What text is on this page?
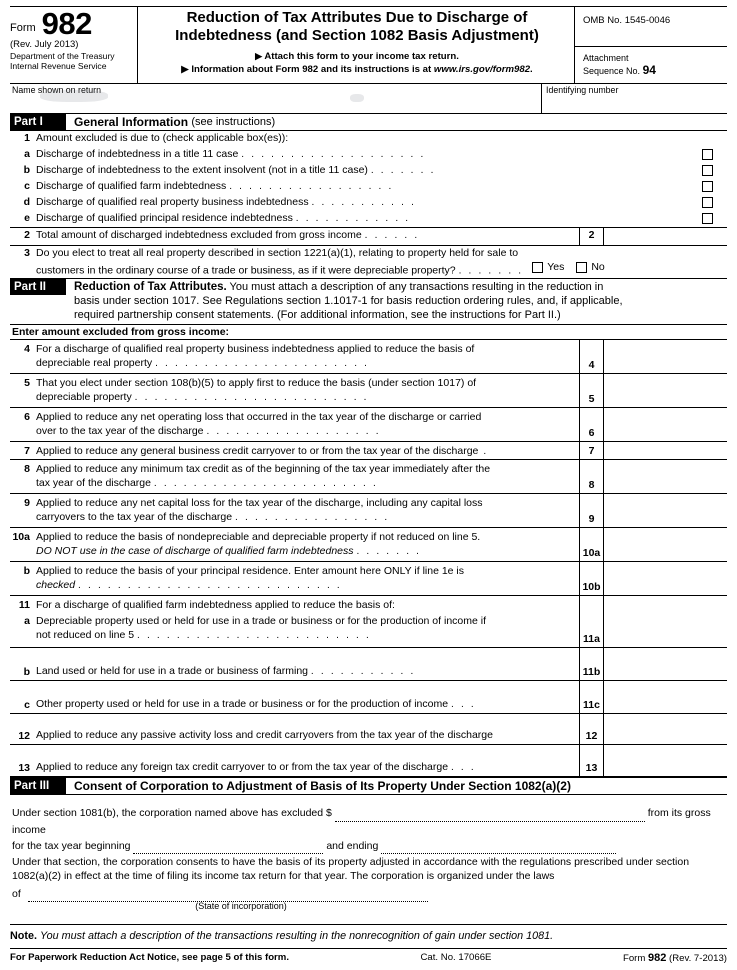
Form 982
(Rev. July 2013)
Department of the Treasury
Internal Revenue Service
Reduction of Tax Attributes Due to Discharge of
Indebtedness (and Section 1082 Basis Adjustment)
▶ Attach this form to your income tax return.
▶ Information about Form 982 and its instructions is at www.irs.gov/form982.
OMB No. 1545-0046
Attachment
Sequence No. 94
Name shown on return	Identifying number
Part I	General Information
(see instructions)
1 Amount excluded is due to (check applicable box(es)):
a Discharge of indebtedness in a title 11 case . . . . . . . . . . . . . . . . . . .
b Discharge of indebtedness to the extent insolvent (not in a title 11 case) . . . . . . .
c Discharge of qualified farm indebtedness . . . . . . . . . . . . . . . . .
d Discharge of qualified real property business indebtedness . . . . . . . . . . .
e Discharge of qualified principal residence indebtedness . . . . . . . . . . . .
2 Total amount of discharged indebtedness excluded from gross income . . . . . .	2
3 Do you elect to treat all real property described in section 1221(a)(1), relating to property held for sale to
customers in the ordinary course of a trade or business, as if it were depreciable property? . . . . . . . Yes	No
Part II	Reduction of Tax Attributes. You must attach a description of any transactions resulting in the reduction in
basis under section 1017. See Regulations section 1.1017-1 for basis reduction ordering rules, and, if applicable,
required partnership consent statements. (For additional information, see the instructions for Part II.)
Enter amount excluded from gross income:
4 For a discharge of qualified real property business indebtedness applied to reduce the basis of
depreciable real property . . . . . . . . . . . . . . . . . . . . . .	4
5 That you elect under section 108(b)(5) to apply first to reduce the basis (under section 1017) of
depreciable property . . . . . . . . . . . . . . . . . . . . . . . .	5
6 Applied to reduce any net operating loss that occurred in the tax year of the discharge or carried
over to the tax year of the discharge . . . . . . . . . . . . . . . . . .	6
7 Applied to reduce any general business credit carryover to or from the tax year of the discharge .	7
8 Applied to reduce any minimum tax credit as of the beginning of the tax year immediately after the
tax year of the discharge . . . . . . . . . . . . . . . . . . . . . . .	8
9 Applied to reduce any net capital loss for the tax year of the discharge, including any capital loss
carryovers to the tax year of the discharge . . . . . . . . . . . . . . . .	9
10a Applied to reduce the basis of nondepreciable and depreciable property if not reduced on line 5.
DO NOT use in the case of discharge of qualified farm indebtedness . . . . . . .	10a
b Applied to reduce the basis of your principal residence. Enter amount here ONLY if line 1e is
checked . . . . . . . . . . . . . . . . . . . . . . . . . . .	10b
11 For a discharge of qualified farm indebtedness applied to reduce the basis of:
a Depreciable property used or held for use in a trade or business or for the production of income if
not reduced on line 5 . . . . . . . . . . . . . . . . . . . . . . . .	11a
b Land used or held for use in a trade or business of farming . . . . . . . . . . .	11b
c Other property used or held for use in a trade or business or for the production of income . . .	11c
12 Applied to reduce any passive activity loss and credit carryovers from the tax year of the discharge	12
13 Applied to reduce any foreign tax credit carryover to or from the tax year of the discharge . . .	13
Part III	Consent of Corporation to Adjustment of Basis of Its Property Under Section 1082(a)(2)
Under section 1081(b), the corporation named above has excluded $	from its gross income
for the tax year beginning	and ending
Under that section, the corporation consents to have the basis of its property adjusted in accordance with the regulations prescribed under section 1082(a)(2) in effect at the time of filing its income tax return for that year. The corporation is organized under the laws
of
(State of incorporation)
Note. You must attach a description of the transactions resulting in the nonrecognition of gain under section 1081.
For Paperwork Reduction Act Notice, see page 5 of this form.	Cat. No. 17066E	Form 982 (Rev. 7-2013)
